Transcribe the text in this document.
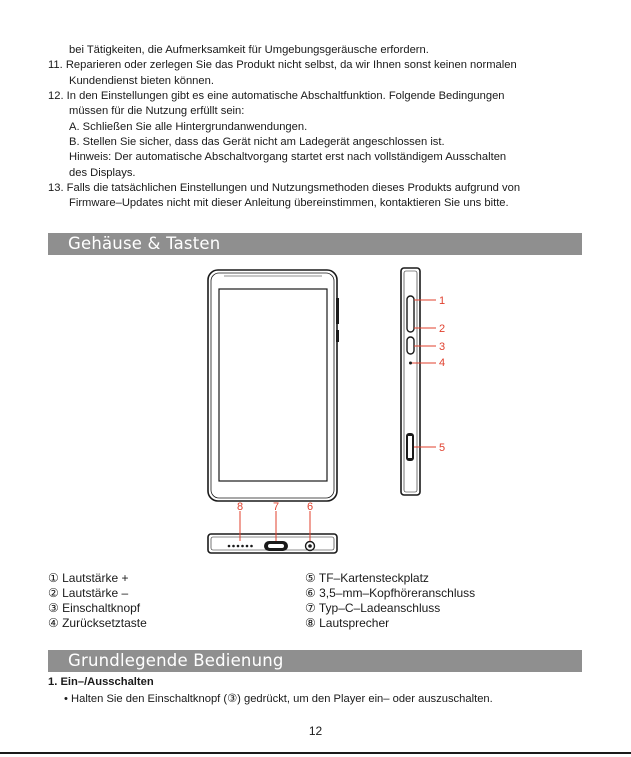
bei Tätigkeiten, die Aufmerksamkeit für Umgebungsgeräusche erfordern.
11. Reparieren oder zerlegen Sie das Produkt nicht selbst, da wir Ihnen sonst keinen normalen
Kundendienst bieten können.
12. In den Einstellungen gibt es eine automatische Abschaltfunktion. Folgende Bedingungen
müssen für die Nutzung erfüllt sein:
A. Schließen Sie alle Hintergrundanwendungen.
B. Stellen Sie sicher, dass das Gerät nicht am Ladegerät angeschlossen ist.
Hinweis: Der automatische Abschaltvorgang startet erst nach vollständigem Ausschalten
des Displays.
13. Falls die tatsächlichen Einstellungen und Nutzungsmethoden dieses Produkts aufgrund von
Firmware–Updates nicht mit dieser Anleitung übereinstimmen, kontaktieren Sie uns bitte.
Gehäuse & Tasten
1
2
3
4
5
6
7
8
① Lautstärke +
② Lautstärke –
③ Einschaltknopf
④ Zurücksetztaste
⑤ TF–Kartensteckplatz
⑥ 3,5–mm–Kopfhöreranschluss
⑦ Typ–C–Ladeanschluss
⑧ Lautsprecher
Grundlegende Bedienung
1. Ein–/Ausschalten
• Halten Sie den Einschaltknopf (③) gedrückt, um den Player ein– oder auszuschalten.
12
